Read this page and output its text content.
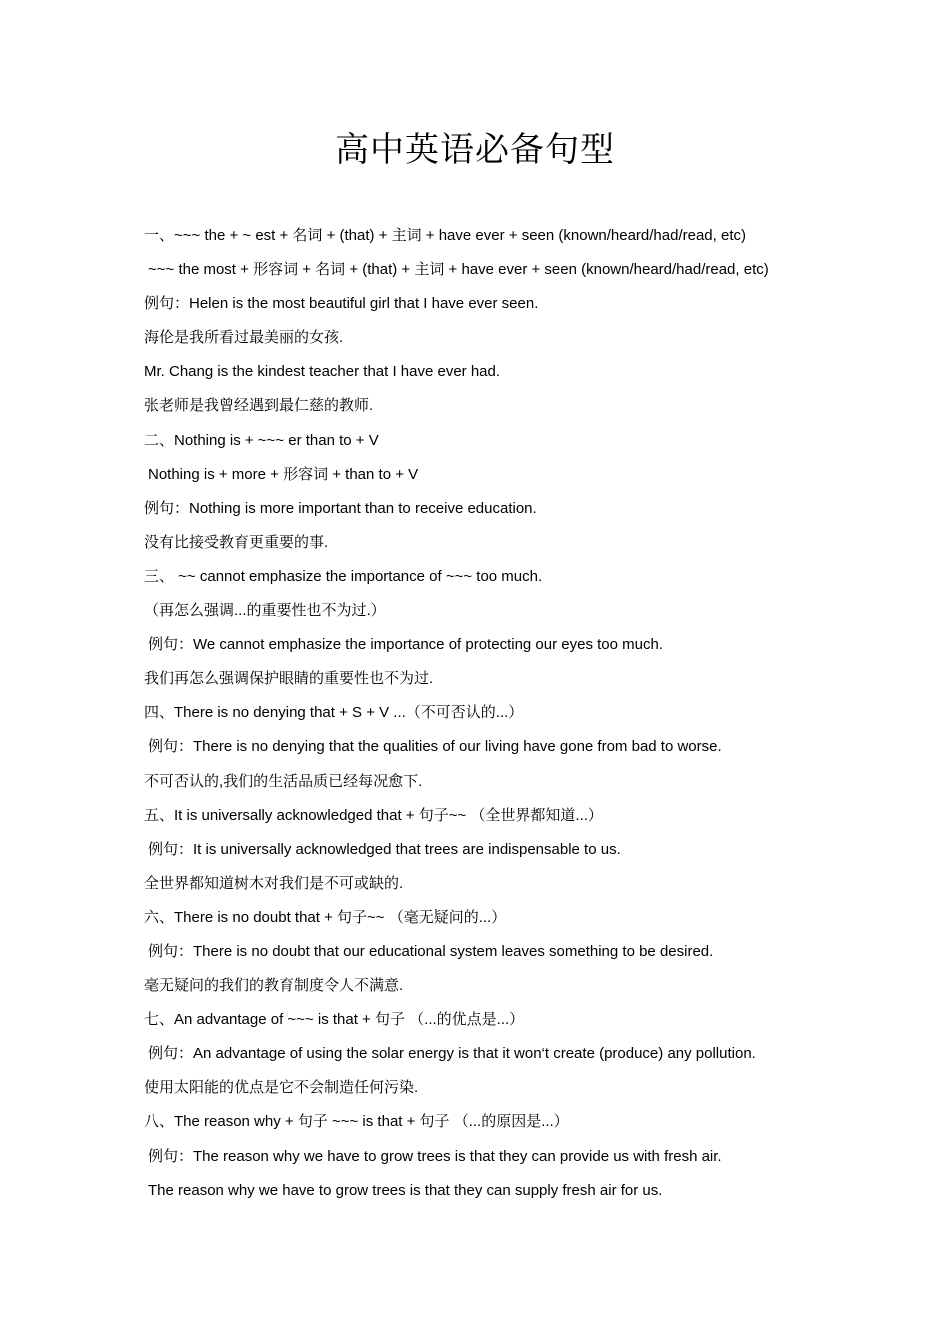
高中英语必备句型
一、~~~ the + ~ est + 名词 + (that) + 主词 + have ever + seen (known/heard/had/read, etc)
~~~ the most + 形容词 + 名词 + (that) + 主词 + have ever + seen (known/heard/had/read, etc)
例句：Helen is the most beautiful girl that I have ever seen.
海伦是我所看过最美丽的女孩.
Mr. Chang is the kindest teacher that I have ever had.
张老师是我曾经遇到最仁慈的教师.
二、Nothing is + ~~~ er than to + V
Nothing is + more + 形容词 + than to + V
例句：Nothing is more important than to receive education.
没有比接受教育更重要的事.
三、 ~~ cannot emphasize the importance of ~~~ too much.
（再怎么强调...的重要性也不为过.）
例句：We cannot emphasize the importance of protecting our eyes too much.
我们再怎么强调保护眼睛的重要性也不为过.
四、There is no denying that + S + V ...（不可否认的...）
例句：There is no denying that the qualities of our living have gone from bad to worse.
不可否认的,我们的生活品质已经每况愈下.
五、It is universally acknowledged that + 句子~~ （全世界都知道...）
例句：It is universally acknowledged that trees are indispensable to us.
全世界都知道树木对我们是不可或缺的.
六、There is no doubt that + 句子~~ （毫无疑问的...）
例句：There is no doubt that our educational system leaves something to be desired.
毫无疑问的我们的教育制度令人不满意.
七、An advantage of ~~~ is that + 句子 （...的优点是...）
例句：An advantage of using the solar energy is that it won‘t create (produce) any pollution.
使用太阳能的优点是它不会制造任何污染.
八、The reason why + 句子 ~~~ is that + 句子 （...的原因是...）
例句：The reason why we have to grow trees is that they can provide us with fresh air.
The reason why we have to grow trees is that they can supply fresh air for us.
